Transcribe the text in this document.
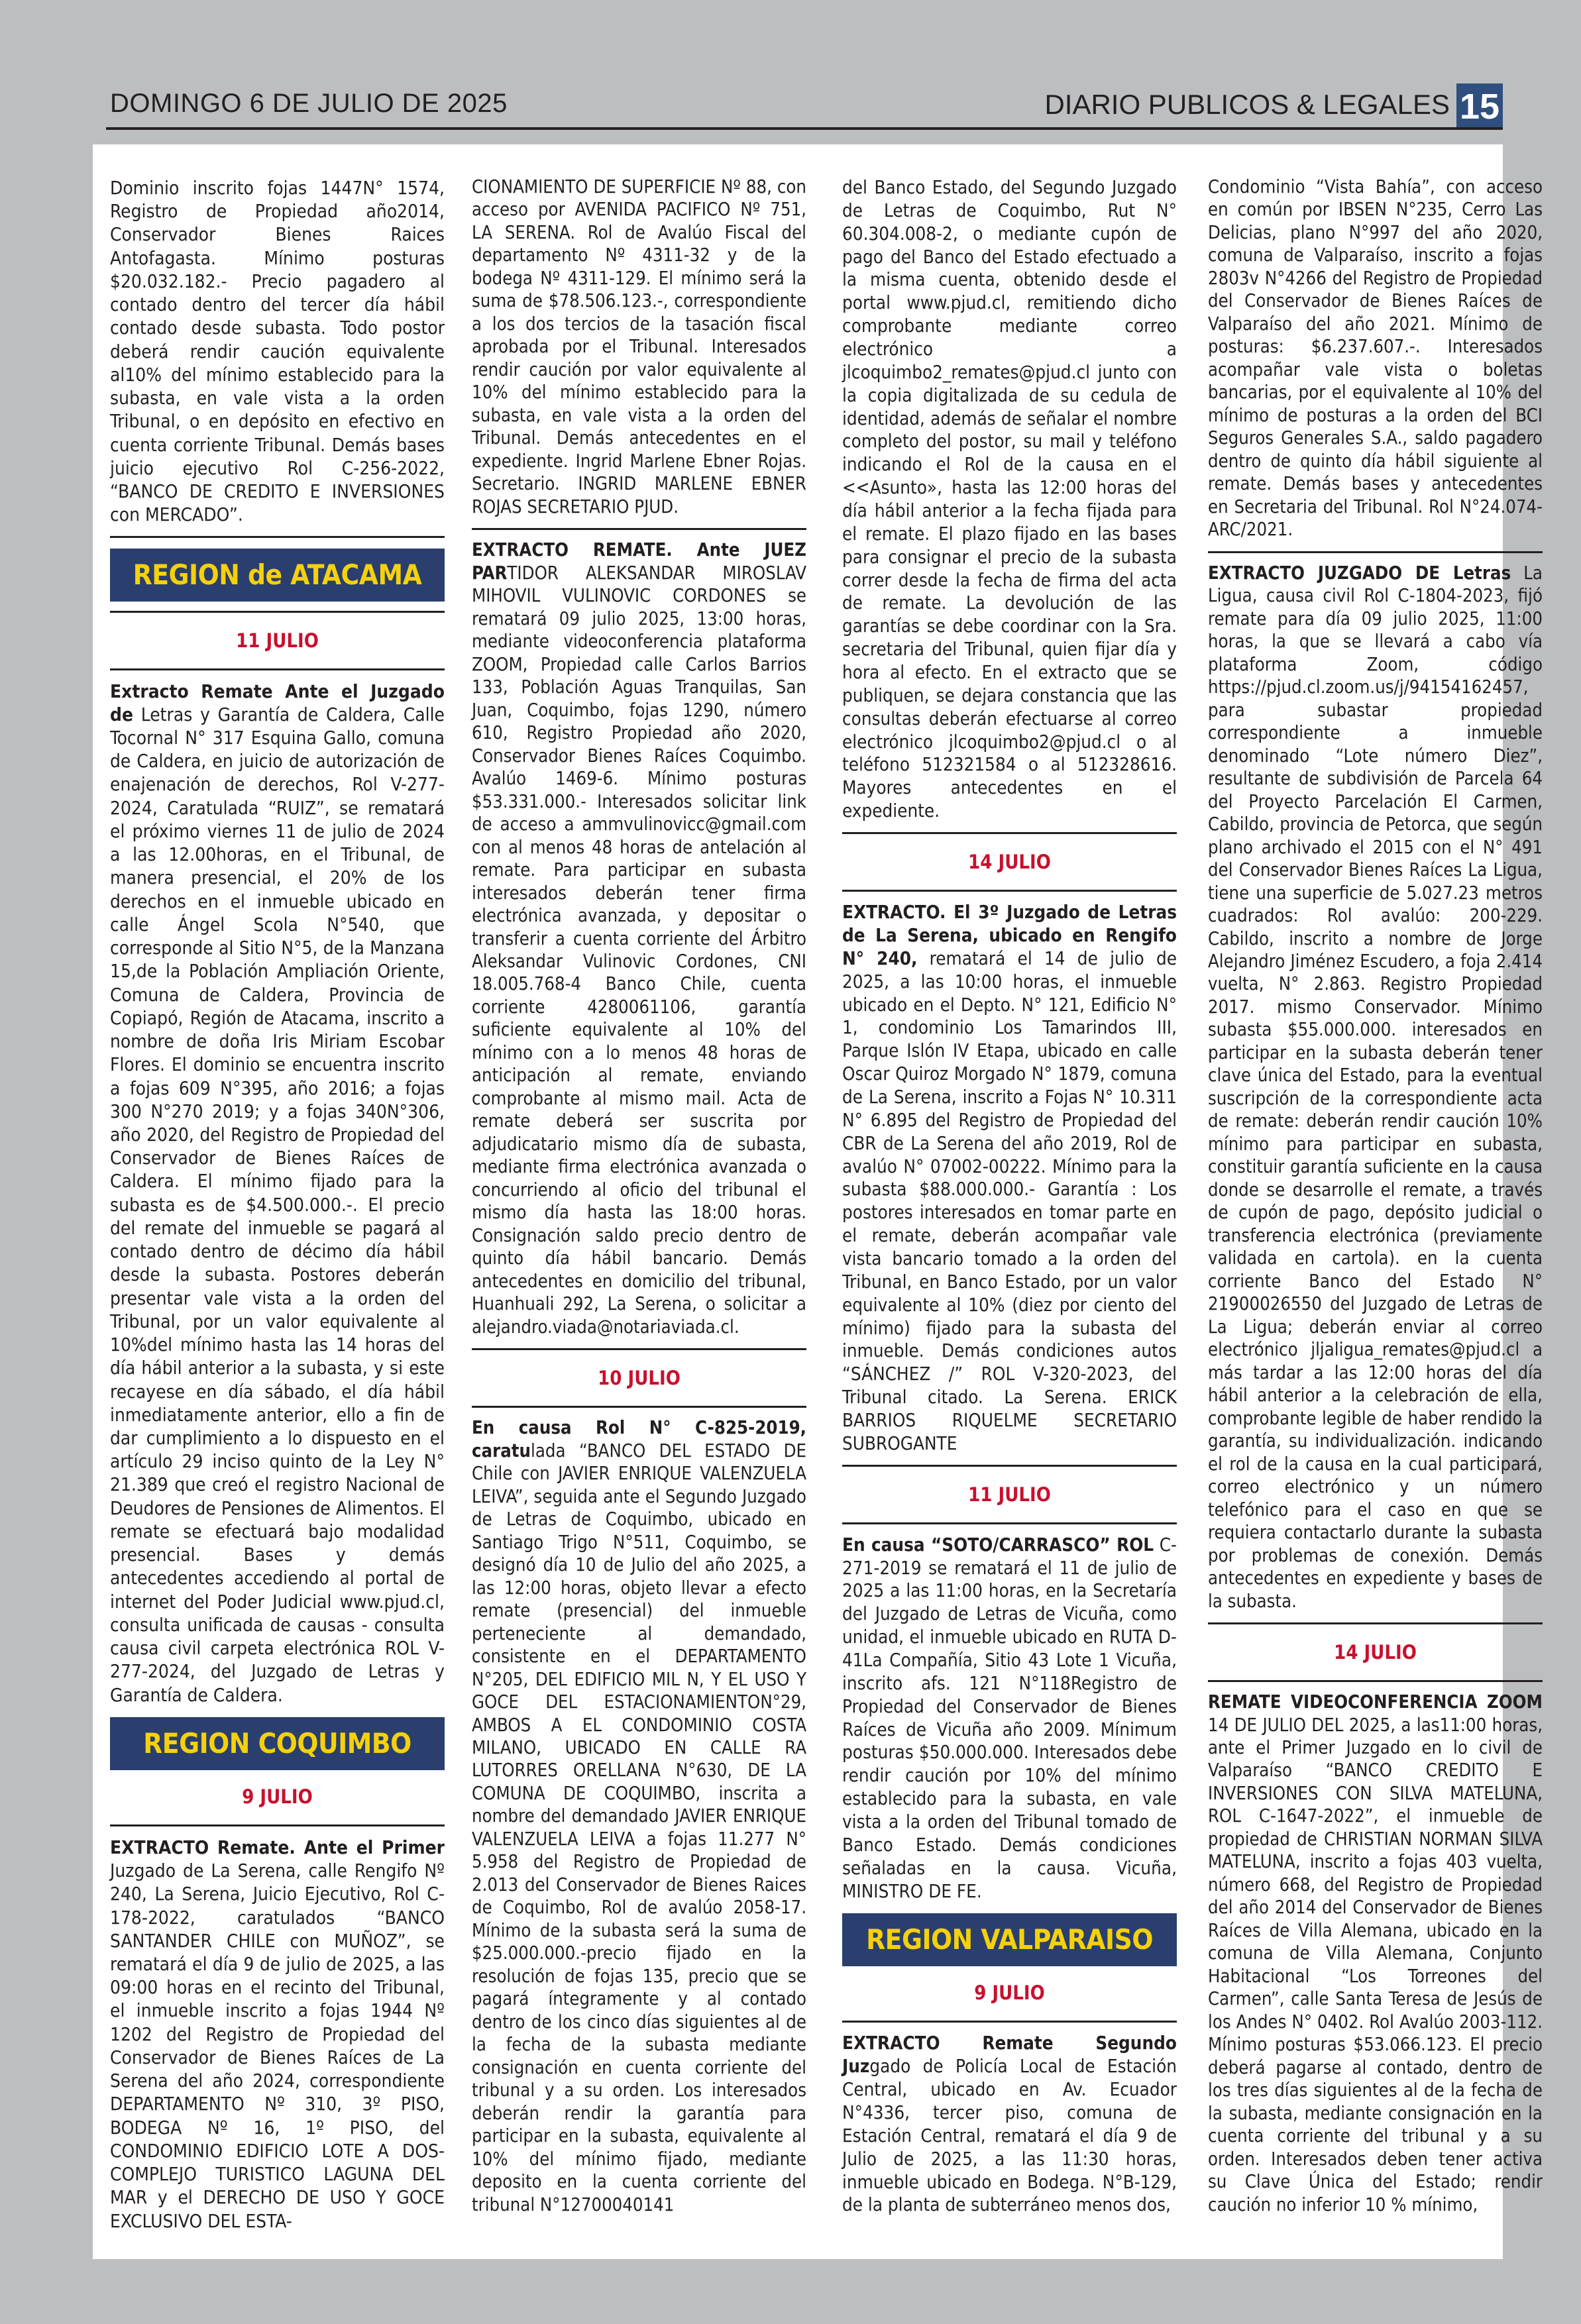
DOMINGO 6 DE JULIO DE 2025	DIARIO PUBLICOS & LEGALES 15

Dominio inscrito fojas 1447N° 1574, Registro de Propiedad año2014, Conservador Bienes Raices Antofagasta. Mínimo posturas $20.032.182.- Precio pagadero al contado dentro del tercer día hábil contado desde subasta. Todo postor deberá rendir caución equivalente al10% del mínimo establecido para la subasta, en vale vista a la orden Tribunal, o en depósito en efectivo en cuenta corriente Tribunal. Demás bases juicio ejecutivo Rol C-256-2022, “BANCO DE CREDITO E INVERSIONES con MERCADO”.

REGION de ATACAMA
11 JULIO

Extracto Remate Ante el Juzgado de Letras y Garantía de Caldera, Calle Tocornal N° 317 Esquina Gallo, comuna de Caldera, en juicio de autorización de enajenación de derechos, Rol V-277-2024, Caratulada “RUIZ”, se rematará el próximo viernes 11 de julio de 2024 a las 12.00horas, en el Tribunal, de manera presencial, el 20% de los derechos en el inmueble ubicado en calle Ángel Scola N°540, que corresponde al Sitio N°5, de la Manzana 15,de la Población Ampliación Oriente, Comuna de Caldera, Provincia de Copiapó, Región de Atacama, inscrito a nombre de doña Iris Miriam Escobar Flores. El dominio se encuentra inscrito a fojas 609 N°395, año 2016; a fojas 300 N°270 2019; y a fojas 340N°306, año 2020, del Registro de Propiedad del Conservador de Bienes Raíces de Caldera. El mínimo fijado para la subasta es de $4.500.000.-. El precio del remate del inmueble se pagará al contado dentro de décimo día hábil desde la subasta. Postores deberán presentar vale vista a la orden del Tribunal, por un valor equivalente al 10%del mínimo hasta las 14 horas del día hábil anterior a la subasta, y si este recayese en día sábado, el día hábil inmediatamente anterior, ello a fin de dar cumplimiento a lo dispuesto en el artículo 29 inciso quinto de la Ley N° 21.389 que creó el registro Nacional de Deudores de Pensiones de Alimentos. El remate se efectuará bajo modalidad presencial. Bases y demás antecedentes accediendo al portal de internet del Poder Judicial www.pjud.cl, consulta unificada de causas - consulta causa civil carpeta electrónica ROL V-277-2024, del Juzgado de Letras y Garantía de Caldera.

REGION COQUIMBO
9 JULIO

EXTRACTO Remate. Ante el Primer Juzgado de La Serena, calle Rengifo Nº 240, La Serena, Juicio Ejecutivo, Rol C-178-2022, caratulados “BANCO SANTANDER CHILE con MUÑOZ”, se rematará el día 9 de julio de 2025, a las 09:00 horas en el recinto del Tribunal, el inmueble inscrito a fojas 1944 Nº 1202 del Registro de Propiedad del Conservador de Bienes Raíces de La Serena del año 2024, correspondiente DEPARTAMENTO Nº 310, 3º PISO, BODEGA Nº 16, 1º PISO, del CONDOMINIO EDIFICIO LOTE A DOS-COMPLEJO TURISTICO LAGUNA DEL MAR y el DERECHO DE USO Y GOCE EXCLUSIVO DEL ESTA-

CIONAMIENTO DE SUPERFICIE Nº 88, con acceso por AVENIDA PACIFICO Nº 751, LA SERENA. Rol de Avalúo Fiscal del departamento Nº 4311-32 y de la bodega Nº 4311-129. El mínimo será la suma de $78.506.123.-, correspondiente a los dos tercios de la tasación fiscal aprobada por el Tribunal. Interesados rendir caución por valor equivalente al 10% del mínimo establecido para la subasta, en vale vista a la orden del Tribunal. Demás antecedentes en el expediente. Ingrid Marlene Ebner Rojas. Secretario. INGRID MARLENE EBNER ROJAS SECRETARIO PJUD.

EXTRACTO REMATE. Ante JUEZ PARTIDOR ALEKSANDAR MIROSLAV MIHOVIL VULINOVIC CORDONES se rematará 09 julio 2025, 13:00 horas, mediante videoconferencia plataforma ZOOM, Propiedad calle Carlos Barrios 133, Población Aguas Tranquilas, San Juan, Coquimbo, fojas 1290, número 610, Registro Propiedad año 2020, Conservador Bienes Raíces Coquimbo. Avalúo 1469-6. Mínimo posturas $53.331.000.- Interesados solicitar link de acceso a ammvulinovicc@gmail.com con al menos 48 horas de antelación al remate. Para participar en subasta interesados deberán tener firma electrónica avanzada, y depositar o transferir a cuenta corriente del Árbitro Aleksandar Vulinovic Cordones, CNI 18.005.768-4 Banco Chile, cuenta corriente 4280061106, garantía suficiente equivalente al 10% del mínimo con a lo menos 48 horas de anticipación al remate, enviando comprobante al mismo mail. Acta de remate deberá ser suscrita por adjudicatario mismo día de subasta, mediante firma electrónica avanzada o concurriendo al oficio del tribunal el mismo día hasta las 18:00 horas. Consignación saldo precio dentro de quinto día hábil bancario. Demás antecedentes en domicilio del tribunal, Huanhuali 292, La Serena, o solicitar a alejandro.viada@notariaviada.cl.

10 JULIO

En causa Rol N° C-825-2019, caratulada “BANCO DEL ESTADO DE Chile con JAVIER ENRIQUE VALENZUELA LEIVA”, seguida ante el Segundo Juzgado de Letras de Coquimbo, ubicado en Santiago Trigo N°511, Coquimbo, se designó día 10 de Julio del año 2025, a las 12:00 horas, objeto llevar a efecto remate (presencial) del inmueble perteneciente al demandado, consistente en el DEPARTAMENTO N°205, DEL EDIFICIO MIL N, Y EL USO Y GOCE DEL ESTACIONAMIENTON°29, AMBOS A EL CONDOMINIO COSTA MILANO, UBICADO EN CALLE RA LUTORRES ORELLANA N°630, DE LA COMUNA DE COQUIMBO, inscrita a nombre del demandado JAVIER ENRIQUE VALENZUELA LEIVA a fojas 11.277 N° 5.958 del Registro de Propiedad de 2.013 del Conservador de Bienes Raices de Coquimbo, Rol de avalúo 2058-17. Mínimo de la subasta será la suma de $25.000.000.-precio fijado en la resolución de fojas 135, precio que se pagará íntegramente y al contado dentro de los cinco días siguientes al de la fecha de la subasta mediante consignación en cuenta corriente del tribunal y a su orden. Los interesados deberán rendir la garantía para participar en la subasta, equivalente al 10% del mínimo fijado, mediante deposito en la cuenta corriente del tribunal N°12700040141

del Banco Estado, del Segundo Juzgado de Letras de Coquimbo, Rut N° 60.304.008-2, o mediante cupón de pago del Banco del Estado efectuado a la misma cuenta, obtenido desde el portal www.pjud.cl, remitiendo dicho comprobante mediante correo electrónico a jlcoquimbo2_remates@pjud.cl junto con la copia digitalizada de su cedula de identidad, además de señalar el nombre completo del postor, su mail y teléfono indicando el Rol de la causa en el <<Asunto», hasta las 12:00 horas del día hábil anterior a la fecha fijada para el remate. El plazo fijado en las bases para consignar el precio de la subasta correr desde la fecha de firma del acta de remate. La devolución de las garantías se debe coordinar con la Sra. secretaria del Tribunal, quien fijar día y hora al efecto. En el extracto que se publiquen, se dejara constancia que las consultas deberán efectuarse al correo electrónico jlcoquimbo2@pjud.cl o al teléfono 512321584 o al 512328616. Mayores antecedentes en el expediente.

14 JULIO

EXTRACTO. El 3º Juzgado de Letras de La Serena, ubicado en Rengifo N° 240, rematará el 14 de julio de 2025, a las 10:00 horas, el inmueble ubicado en el Depto. N° 121, Edificio N° 1, condominio Los Tamarindos III, Parque Islón IV Etapa, ubicado en calle Oscar Quiroz Morgado N° 1879, comuna de La Serena, inscrito a Fojas N° 10.311 N° 6.895 del Registro de Propiedad del CBR de La Serena del año 2019, Rol de avalúo N° 07002-00222. Mínimo para la subasta $88.000.000.- Garantía : Los postores interesados en tomar parte en el remate, deberán acompañar vale vista bancario tomado a la orden del Tribunal, en Banco Estado, por un valor equivalente al 10% (diez por ciento del mínimo) fijado para la subasta del inmueble. Demás condiciones autos “SÁNCHEZ /” ROL V-320-2023, del Tribunal citado. La Serena. ERICK BARRIOS RIQUELME SECRETARIO SUBROGANTE

11 JULIO

En causa “SOTO/CARRASCO” ROL C-271-2019 se rematará el 11 de julio de 2025 a las 11:00 horas, en la Secretaría del Juzgado de Letras de Vicuña, como unidad, el inmueble ubicado en RUTA D-41La Compañía, Sitio 43 Lote 1 Vicuña, inscrito afs. 121 N°118Registro de Propiedad del Conservador de Bienes Raíces de Vicuña año 2009. Mínimum posturas $50.000.000. Interesados debe rendir caución por 10% del mínimo establecido para la subasta, en vale vista a la orden del Tribunal tomado de Banco Estado. Demás condiciones señaladas en la causa. Vicuña, MINISTRO DE FE.

REGION VALPARAISO
9 JULIO

EXTRACTO Remate Segundo Juzgado de Policía Local de Estación Central, ubicado en Av. Ecuador N°4336, tercer piso, comuna de Estación Central, rematará el día 9 de Julio de 2025, a las 11:30 horas, inmueble ubicado en Bodega. N°B-129, de la planta de subterráneo menos dos,

Condominio “Vista Bahía”, con acceso en común por IBSEN N°235, Cerro Las Delicias, plano N°997 del año 2020, comuna de Valparaíso, inscrito a fojas 2803v N°4266 del Registro de Propiedad del Conservador de Bienes Raíces de Valparaíso del año 2021. Mínimo de posturas: $6.237.607.-. Interesados acompañar vale vista o boletas bancarias, por el equivalente al 10% del mínimo de posturas a la orden del BCI Seguros Generales S.A., saldo pagadero dentro de quinto día hábil siguiente al remate. Demás bases y antecedentes en Secretaria del Tribunal. Rol N°24.074-ARC/2021.

EXTRACTO JUZGADO DE Letras La Ligua, causa civil Rol C-1804-2023, fijó remate para día 09 julio 2025, 11:00 horas, la que se llevará a cabo vía plataforma Zoom, código https://pjud.cl.zoom.us/j/94154162457, para subastar propiedad correspondiente a inmueble denominado “Lote número Diez”, resultante de subdivisión de Parcela 64 del Proyecto Parcelación El Carmen, Cabildo, provincia de Petorca, que según plano archivado el 2015 con el N° 491 del Conservador Bienes Raíces La Ligua, tiene una superficie de 5.027.23 metros cuadrados: Rol avalúo: 200-229. Cabildo, inscrito a nombre de Jorge Alejandro Jiménez Escudero, a foja 2.414 vuelta, N° 2.863. Registro Propiedad 2017. mismo Conservador. Mínimo subasta $55.000.000. interesados en participar en la subasta deberán tener clave única del Estado, para la eventual suscripción de la correspondiente acta de remate: deberán rendir caución 10% mínimo para participar en subasta, constituir garantía suficiente en la causa donde se desarrolle el remate, a través de cupón de pago, depósito judicial o transferencia electrónica (previamente validada en cartola). en la cuenta corriente Banco del Estado N° 21900026550 del Juzgado de Letras de La Ligua; deberán enviar al correo electrónico jljaligua_remates@pjud.cl a más tardar a las 12:00 horas del día hábil anterior a la celebración de ella, comprobante legible de haber rendido la garantía, su individualización. indicando el rol de la causa en la cual participará, correo electrónico y un número telefónico para el caso en que se requiera contactarlo durante la subasta por problemas de conexión. Demás antecedentes en expediente y bases de la subasta.

14 JULIO

REMATE VIDEOCONFERENCIA ZOOM 14 DE JULIO DEL 2025, a las11:00 horas, ante el Primer Juzgado en lo civil de Valparaíso “BANCO CREDITO E INVERSIONES CON SILVA MATELUNA, ROL C-1647-2022”, el inmueble de propiedad de CHRISTIAN NORMAN SILVA MATELUNA, inscrito a fojas 403 vuelta, número 668, del Registro de Propiedad del año 2014 del Conservador de Bienes Raíces de Villa Alemana, ubicado en la comuna de Villa Alemana, Conjunto Habitacional “Los Torreones del Carmen”, calle Santa Teresa de Jesús de los Andes N° 0402. Rol Avalúo 2003-112. Mínimo posturas $53.066.123. El precio deberá pagarse al contado, dentro de los tres días siguientes al de la fecha de la subasta, mediante consignación en la cuenta corriente del tribunal y a su orden. Interesados deben tener activa su Clave Única del Estado; rendir caución no inferior 10 % mínimo,
